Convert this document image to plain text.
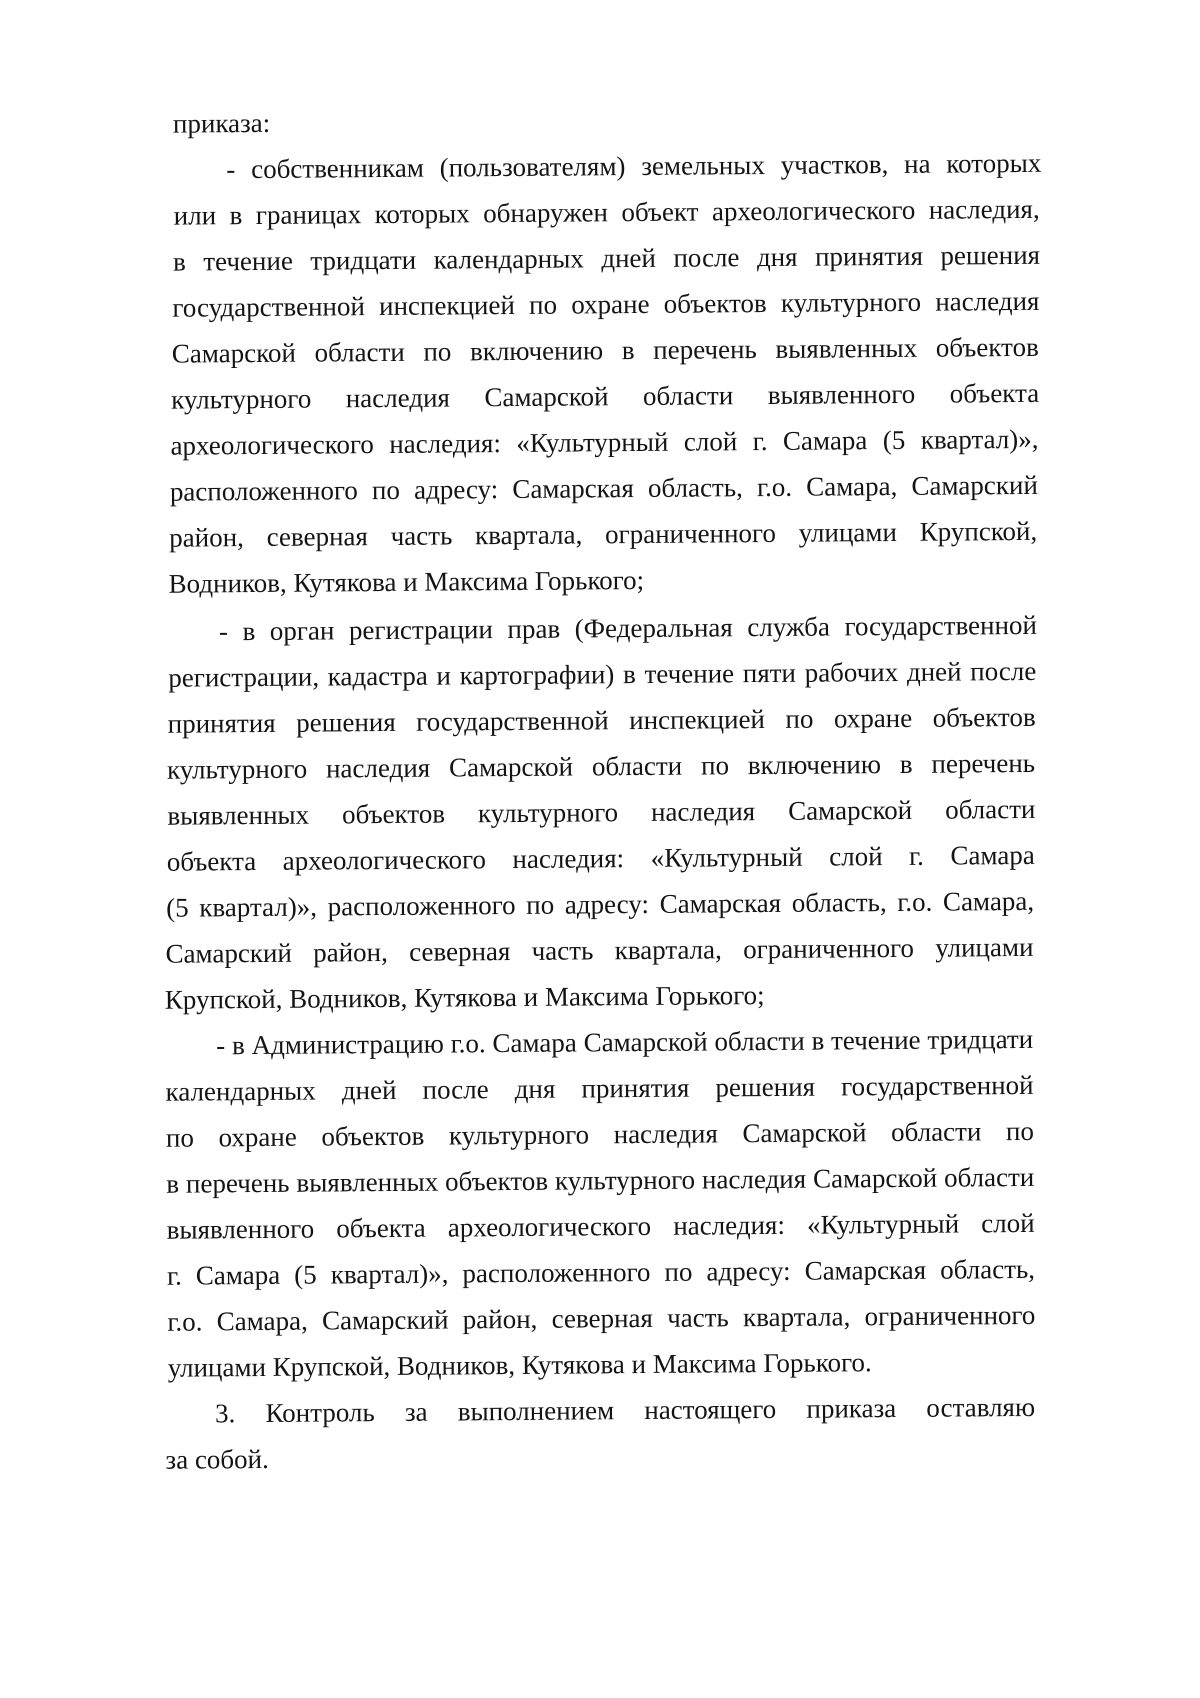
приказа:

- собственникам (пользователям) земельных участков, на которых

или в границах которых обнаружен объект археологического наследия,

в течение тридцати календарных дней после дня принятия решения

государственной инспекцией по охране объектов культурного наследия

Самарской области по включению в перечень выявленных объектов

культурного наследия Самарской области выявленного объекта

археологического наследия: «Культурный слой г. Самара (5 квартал)»,

расположенного по адресу: Самарская область, г.о. Самара, Самарский

район, северная часть квартала, ограниченного улицами Крупской,

Водников, Кутякова и Максима Горького;

- в орган регистрации прав (Федеральная служба государственной

регистрации, кадастра и картографии) в течение пяти рабочих дней после

принятия решения государственной инспекцией по охране объектов

культурного наследия Самарской области по включению в перечень

выявленных объектов культурного наследия Самарской области

объекта археологического наследия: «Культурный слой г. Самара

(5 квартал)», расположенного по адресу: Самарская область, г.о. Самара,

Самарский район, северная часть квартала, ограниченного улицами

Крупской, Водников, Кутякова и Максима Горького;

- в Администрацию г.о. Самара Самарской области в течение тридцати

календарных дней после дня принятия решения государственной

по охране объектов культурного наследия Самарской области по

в перечень выявленных объектов культурного наследия Самарской области

выявленного объекта археологического наследия: «Культурный слой

г. Самара (5 квартал)», расположенного по адресу: Самарская область,

г.о. Самара, Самарский район, северная часть квартала, ограниченного

улицами Крупской, Водников, Кутякова и Максима Горького.

3. Контроль за выполнением настоящего приказа оставляю

за собой.
